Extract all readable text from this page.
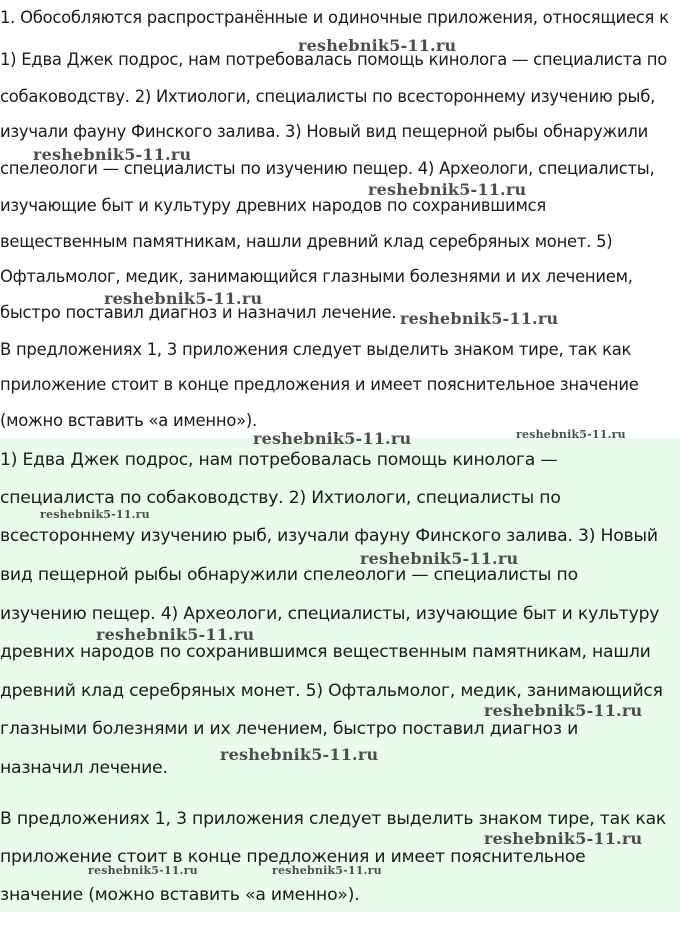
1. Обособляются распространённые и одиночные приложения, относящиеся к

1) Едва Джек подрос, нам потребовалась помощь кинолога — специалиста по

собаководству. 2) Ихтиологи, специалисты по всестороннему изучению рыб,

изучали фауну Финского залива. 3) Новый вид пещерной рыбы обнаружили

спелеологи — специалисты по изучению пещер. 4) Археологи, специалисты,

изучающие быт и культуру древних народов по сохранившимся

вещественным памятникам, нашли древний клад серебряных монет. 5)

Офтальмолог, медик, занимающийся глазными болезнями и их лечением,

быстро поставил диагноз и назначил лечение.

В предложениях 1, 3 приложения следует выделить знаком тире, так как

приложение стоит в конце предложения и имеет пояснительное значение

(можно вставить «а именно»).

1) Едва Джек подрос, нам потребовалась помощь кинолога —

специалиста по собаководству. 2) Ихтиологи, специалисты по

всестороннему изучению рыб, изучали фауну Финского залива. 3) Новый

вид пещерной рыбы обнаружили спелеологи — специалисты по

изучению пещер. 4) Археологи, специалисты, изучающие быт и культуру

древних народов по сохранившимся вещественным памятникам, нашли

древний клад серебряных монет. 5) Офтальмолог, медик, занимающийся

глазными болезнями и их лечением, быстро поставил диагноз и

назначил лечение.

В предложениях 1, 3 приложения следует выделить знаком тире, так как

приложение стоит в конце предложения и имеет пояснительное

значение (можно вставить «а именно»).

reshebnik5-11.ru
reshebnik5-11.ru
reshebnik5-11.ru
reshebnik5-11.ru
reshebnik5-11.ru
reshebnik5-11.ru	reshebnik5-11.ru
reshebnik5-11.ru
reshebnik5-11.ru
reshebnik5-11.ru
reshebnik5-11.ru
reshebnik5-11.ru
reshebnik5-11.ru
reshebnik5-11.ru	reshebnik5-11.ru
